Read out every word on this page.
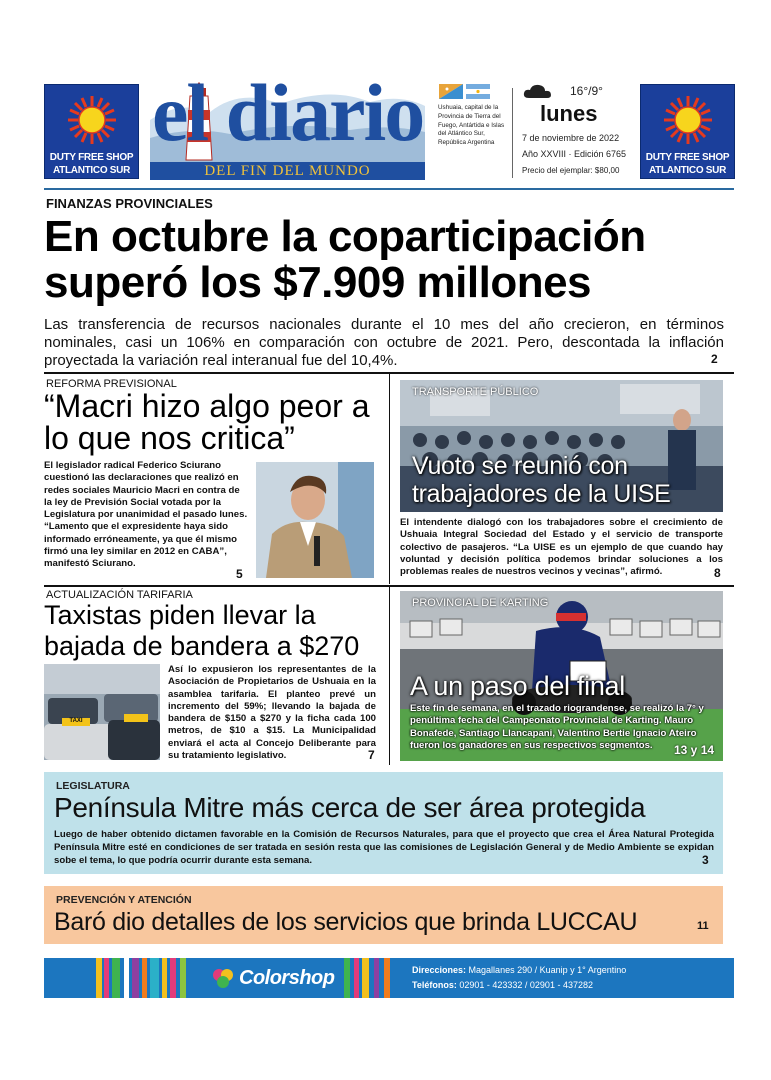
DUTY FREE SHOP
ATLANTICO SUR
el diario
DEL FIN DEL MUNDO
Ushuaia, capital de la Provincia de Tierra del Fuego, Antártida e Islas del Atlántico Sur, República Argentina
16°/9°
lunes
7 de noviembre de 2022
Año XXVIII · Edición 6765
Precio del ejemplar: $80,00
DUTY FREE SHOP
ATLANTICO SUR
FINANZAS PROVINCIALES
En octubre la coparticipación superó los $7.909 millones
Las transferencia de recursos nacionales durante el 10 mes del año crecieron, en términos nominales, casi un 106% en comparación con octubre de 2021. Pero, descontada la inflación proyectada la variación real interanual fue del 10,4%.	2
REFORMA PREVISIONAL
“Macri hizo algo peor a lo que nos critica”
El legislador radical Federico Sciurano cuestionó las declaraciones que realizó en redes sociales Mauricio Macri en contra de la ley de Previsión Social votada por la Legislatura por unanimidad el pasado lunes. “Lamento que el expresidente haya sido informado erróneamente, ya que él mismo firmó una ley similar en 2012 en CABA”, manifestó Sciurano.
5
TRANSPORTE PÚBLICO
Vuoto se reunió con trabajadores de la UISE
El intendente dialogó con los trabajadores sobre el crecimiento de Ushuaia Integral Sociedad del Estado y el servicio de transporte colectivo de pasajeros. “La UISE es un ejemplo de que cuando hay voluntad y decisión política podemos brindar soluciones a los problemas reales de nuestros vecinos y vecinas”, afirmó.	8
ACTUALIZACIÓN TARIFARIA
Taxistas piden llevar la bajada de bandera a $270
TAXI
Así lo expusieron los representantes de la Asociación de Propietarios de Ushuaia en la asamblea tarifaria. El planteo prevé un incremento del 59%; llevando la bajada de bandera de $150 a $270 y la ficha cada 100 metros, de $10 a $15. La Municipalidad enviará el acta al Concejo Deliberante para su tratamiento legislativo.	7
PROVINCIAL DE KARTING
A un paso del final
Este fin de semana, en el trazado riograndense, se realizó la 7° y penúltima fecha del Campeonato Provincial de Karting. Mauro Bonafede, Santiago Llancapani, Valentino Bertie Ignacio Ateiro fueron los ganadores en sus respectivos segmentos.	13 y 14
LEGISLATURA
Península Mitre más cerca de ser área protegida
Luego de haber obtenido dictamen favorable en la Comisión de Recursos Naturales, para que el proyecto que crea el Área Natural Protegida Península Mitre esté en condiciones de ser tratada en sesión resta que las comisiones de Legislación General y de Medio Ambiente se expidan sobe el tema, lo que podría ocurrir durante esta semana.	3
PREVENCIÓN Y ATENCIÓN
Baró dio detalles de los servicios que brinda LUCCAU	11
Colorshop	Direcciones: Magallanes 290 / Kuanip y 1° Argentino
Teléfonos: 02901 - 423332 / 02901 - 437282
